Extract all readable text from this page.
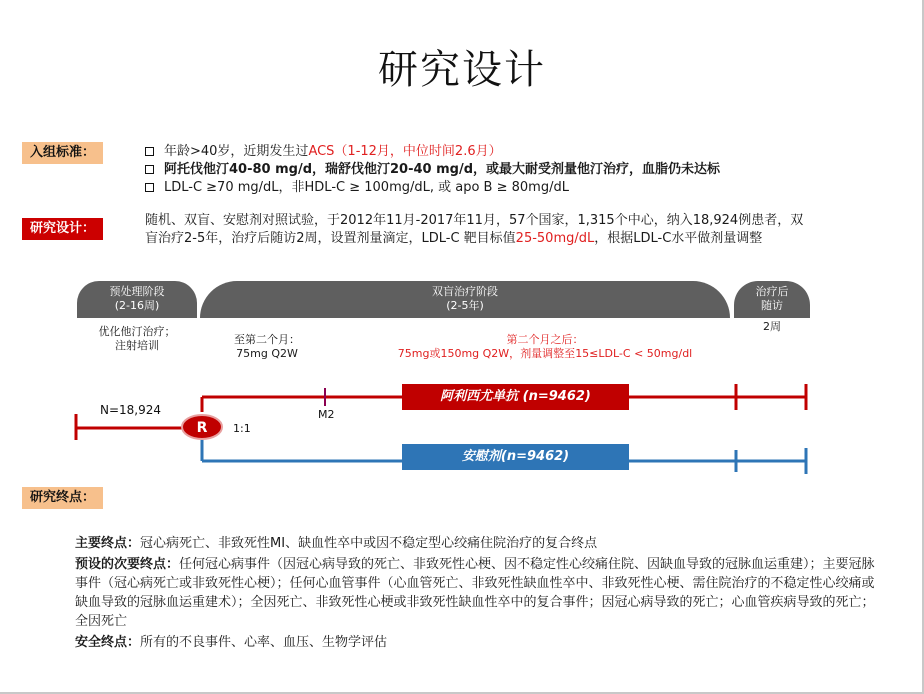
研究设计
入组标准：	年龄>40岁，近期发生过ACS（1-12月，中位时间2.6月）
阿托伐他汀40-80 mg/d，瑞舒伐他汀20-40 mg/d，或最大耐受剂量他汀治疗，血脂仍未达标
LDL-C ≥70 mg/dL，非HDL-C ≥ 100mg/dL, 或 apo B ≥ 80mg/dL
研究设计：
随机、双盲、安慰剂对照试验，于2012年11月-2017年11月，57个国家，1,315个中心，纳入18,924例患者，双盲治疗2-5年，治疗后随访2周，设置剂量滴定，LDL-C 靶目标值25-50mg/dL，根据LDL-C水平做剂量调整
预处理阶段
(2-16周)
双盲治疗阶段
(2-5年)
治疗后
随访
优化他汀治疗；
注射培训
2周
至第二个月：
75mg Q2W
第二个月之后：
75mg或150mg Q2W，剂量调整至15≤LDL-C < 50mg/dl
R 1:1
N=18,924	M2
阿利西尤单抗 (n=9462)
安慰剂(n=9462)
研究终点：

主要终点：冠心病死亡、非致死性MI、缺血性卒中或因不稳定型心绞痛住院治疗的复合终点

预设的次要终点：任何冠心病事件（因冠心病导致的死亡、非致死性心梗、因不稳定性心绞痛住院、因缺血导致的冠脉血运重建）；主要冠脉事件（冠心病死亡或非致死性心梗）；任何心血管事件（心血管死亡、非致死性缺血性卒中、非致死性心梗、需住院治疗的不稳定性心绞痛或缺血导致的冠脉血运重建术）；全因死亡、非致死性心梗或非致死性缺血性卒中的复合事件；因冠心病导致的死亡；心血管疾病导致的死亡；全因死亡

安全终点：所有的不良事件、心率、血压、生物学评估
